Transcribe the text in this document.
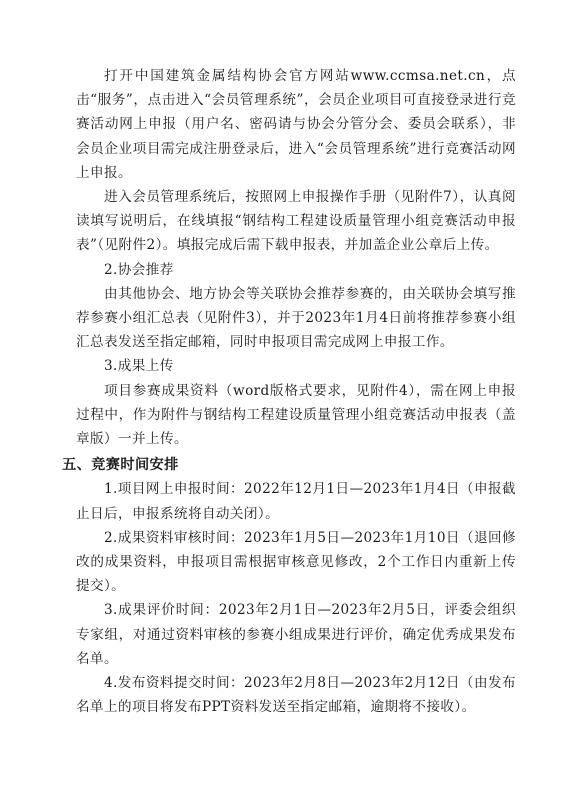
打开中国建筑金属结构协会官方网站www.ccmsa.net.cn，点击“服务”，点击进入“会员管理系统”，会员企业项目可直接登录进行竞赛活动网上申报（用户名、密码请与协会分管分会、委员会联系），非会员企业项目需完成注册登录后，进入“会员管理系统”进行竞赛活动网上申报。

进入会员管理系统后，按照网上申报操作手册（见附件7），认真阅读填写说明后，在线填报“钢结构工程建设质量管理小组竞赛活动申报表”（见附件2）。填报完成后需下载申报表，并加盖企业公章后上传。

2.协会推荐

由其他协会、地方协会等关联协会推荐参赛的，由关联协会填写推荐参赛小组汇总表（见附件3），并于2023年1月4日前将推荐参赛小组汇总表发送至指定邮箱，同时申报项目需完成网上申报工作。

3.成果上传

项目参赛成果资料（word版格式要求，见附件4），需在网上申报过程中，作为附件与钢结构工程建设质量管理小组竞赛活动申报表（盖章版）一并上传。

五、竞赛时间安排

1.项目网上申报时间：2022年12月1日—2023年1月4日（申报截止日后，申报系统将自动关闭）。

2.成果资料审核时间：2023年1月5日—2023年1月10日（退回修改的成果资料，申报项目需根据审核意见修改，2个工作日内重新上传提交）。

3.成果评价时间：2023年2月1日—2023年2月5日，评委会组织专家组，对通过资料审核的参赛小组成果进行评价，确定优秀成果发布名单。

4.发布资料提交时间：2023年2月8日—2023年2月12日（由发布名单上的项目将发布PPT资料发送至指定邮箱，逾期将不接收）。
